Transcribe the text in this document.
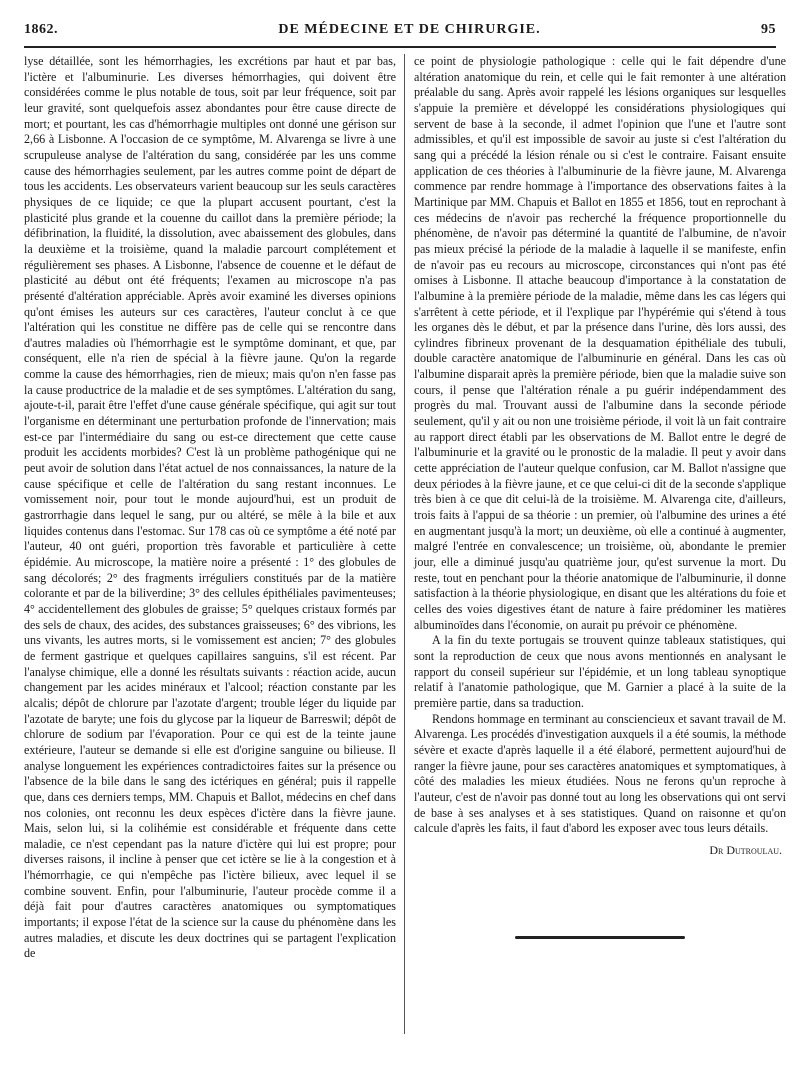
1862.	DE MÉDECINE ET DE CHIRURGIE.	95

lyse détaillée, sont les hémorrhagies, les excrétions par haut et par bas, l'ictère et l'albuminurie. Les diverses hémorrhagies, qui doivent être considérées comme le plus notable de tous, soit par leur fréquence, soit par leur gravité, sont quelquefois assez abondantes pour être cause directe de mort; et pourtant, les cas d'hémorrhagie multiples ont donné une gérison sur 2,66 à Lisbonne. A l'occasion de ce symptôme, M. Alvarenga se livre à une scrupuleuse analyse de l'altération du sang, considérée par les uns comme cause des hémorrhagies seulement, par les autres comme point de départ de tous les accidents. Les observateurs varient beaucoup sur les seuls caractères physiques de ce liquide; ce que la plupart accusent pourtant, c'est la plasticité plus grande et la couenne du caillot dans la première période; la défibrination, la fluidité, la dissolution, avec abaissement des globules, dans la deuxième et la troisième, quand la maladie parcourt complétement et régulièrement ses phases. A Lisbonne, l'absence de couenne et le défaut de plasticité au début ont été fréquents; l'examen au microscope n'a pas présenté d'altération appréciable. Après avoir examiné les diverses opinions qu'ont émises les auteurs sur ces caractères, l'auteur conclut à ce que l'altération qui les constitue ne diffère pas de celle qui se rencontre dans d'autres maladies où l'hémorrhagie est le symptôme dominant, et que, par conséquent, elle n'a rien de spécial à la fièvre jaune. Qu'on la regarde comme la cause des hémorrhagies, rien de mieux; mais qu'on n'en fasse pas la cause productrice de la maladie et de ses symptômes. L'altération du sang, ajoute-t-il, parait être l'effet d'une cause générale spécifique, qui agit sur tout l'organisme en déterminant une perturbation profonde de l'innervation; mais est-ce par l'intermédiaire du sang ou est-ce directement que cette cause produit les accidents morbides? C'est là un problème pathogénique qui ne peut avoir de solution dans l'état actuel de nos connaissances, la nature de la cause spécifique et celle de l'altération du sang restant inconnues. Le vomissement noir, pour tout le monde aujourd'hui, est un produit de gastrorrhagie dans lequel le sang, pur ou altéré, se mêle à la bile et aux liquides contenus dans l'estomac. Sur 178 cas où ce symptôme a été noté par l'auteur, 40 ont guéri, proportion très favorable et particulière à cette épidémie. Au microscope, la matière noire a présenté : 1° des globules de sang décolorés; 2° des fragments irréguliers constitués par de la matière colorante et par de la biliverdine; 3° des cellules épithéliales pavimenteuses; 4° accidentellement des globules de graisse; 5° quelques cristaux formés par des sels de chaux, des acides, des substances graisseuses; 6° des vibrions, les uns vivants, les autres morts, si le vomissement est ancien; 7° des globules de ferment gastrique et quelques capillaires sanguins, s'il est récent. Par l'analyse chimique, elle a donné les résultats suivants : réaction acide, aucun changement par les acides minéraux et l'alcool; réaction constante par les alcalis; dépôt de chlorure par l'azotate d'argent; trouble léger du liquide par l'azotate de baryte; une fois du glycose par la liqueur de Barreswil; dépôt de chlorure de sodium par l'évaporation. Pour ce qui est de la teinte jaune extérieure, l'auteur se demande si elle est d'origine sanguine ou bilieuse. Il analyse longuement les expériences contradictoires faites sur la présence ou l'absence de la bile dans le sang des ictériques en général; puis il rappelle que, dans ces derniers temps, MM. Chapuis et Ballot, médecins en chef dans nos colonies, ont reconnu les deux espèces d'ictère dans la fièvre jaune. Mais, selon lui, si la colihémie est considérable et fréquente dans cette maladie, ce n'est cependant pas la nature d'ictère qui lui est propre; pour diverses raisons, il incline à penser que cet ictère se lie à la congestion et à l'hémorrhagie, ce qui n'empêche pas l'ictère bilieux, avec lequel il se combine souvent. Enfin, pour l'albuminurie, l'auteur procède comme il a déjà fait pour d'autres caractères anatomiques ou symptomatiques importants; il expose l'état de la science sur la cause du phénomène dans les autres maladies, et discute les deux doctrines qui se partagent l'explication de

ce point de physiologie pathologique : celle qui le fait dépendre d'une altération anatomique du rein, et celle qui le fait remonter à une altération préalable du sang. Après avoir rappelé les lésions organiques sur lesquelles s'appuie la première et développé les considérations physiologiques qui servent de base à la seconde, il admet l'opinion que l'une et l'autre sont admissibles, et qu'il est impossible de savoir au juste si c'est l'altération du sang qui a précédé la lésion rénale ou si c'est le contraire. Faisant ensuite application de ces théories à l'albuminurie de la fièvre jaune, M. Alvarenga commence par rendre hommage à l'importance des observations faites à la Martinique par MM. Chapuis et Ballot en 1855 et 1856, tout en reprochant à ces médecins de n'avoir pas recherché la fréquence proportionnelle du phénomène, de n'avoir pas déterminé la quantité de l'albumine, de n'avoir pas mieux précisé la période de la maladie à laquelle il se manifeste, enfin de n'avoir pas eu recours au microscope, circonstances qui n'ont pas été omises à Lisbonne. Il attache beaucoup d'importance à la constatation de l'albumine à la première période de la maladie, même dans les cas légers qui s'arrêtent à cette période, et il l'explique par l'hypérémie qui s'étend à tous les organes dès le début, et par la présence dans l'urine, dès lors aussi, des cylindres fibrineux provenant de la desquamation épithéliale des tubuli, double caractère anatomique de l'albuminurie en général. Dans les cas où l'albumine disparait après la première période, bien que la maladie suive son cours, il pense que l'altération rénale a pu guérir indépendamment des progrès du mal. Trouvant aussi de l'albumine dans la seconde période seulement, qu'il y ait ou non une troisième période, il voit là un fait contraire au rapport direct établi par les observations de M. Ballot entre le degré de l'albuminurie et la gravité ou le pronostic de la maladie. Il peut y avoir dans cette appréciation de l'auteur quelque confusion, car M. Ballot n'assigne que deux périodes à la fièvre jaune, et ce que celui-ci dit de la seconde s'applique très bien à ce que dit celui-là de la troisième. M. Alvarenga cite, d'ailleurs, trois faits à l'appui de sa théorie : un premier, où l'albumine des urines a été en augmentant jusqu'à la mort; un deuxième, où elle a continué à augmenter, malgré l'entrée en convalescence; un troisième, où, abondante le premier jour, elle a diminué jusqu'au quatrième jour, qu'est survenue la mort. Du reste, tout en penchant pour la théorie anatomique de l'albuminurie, il donne satisfaction à la théorie physiologique, en disant que les altérations du foie et celles des voies digestives étant de nature à faire prédominer les matières albuminoïdes dans l'économie, on aurait pu prévoir ce phénomène.

A la fin du texte portugais se trouvent quinze tableaux statistiques, qui sont la reproduction de ceux que nous avons mentionnés en analysant le rapport du conseil supérieur sur l'épidémie, et un long tableau synoptique relatif à l'anatomie pathologique, que M. Garnier a placé à la suite de la première partie, dans sa traduction.

Rendons hommage en terminant au consciencieux et savant travail de M. Alvarenga. Les procédés d'investigation auxquels il a été soumis, la méthode sévère et exacte d'après laquelle il a été élaboré, permettent aujourd'hui de ranger la fièvre jaune, pour ses caractères anatomiques et symptomatiques, à côté des maladies les mieux étudiées. Nous ne ferons qu'un reproche à l'auteur, c'est de n'avoir pas donné tout au long les observations qui ont servi de base à ses analyses et à ses statistiques. Quand on raisonne et qu'on calcule d'après les faits, il faut d'abord les exposer avec tous leurs détails.

Dr Dutroulau.
